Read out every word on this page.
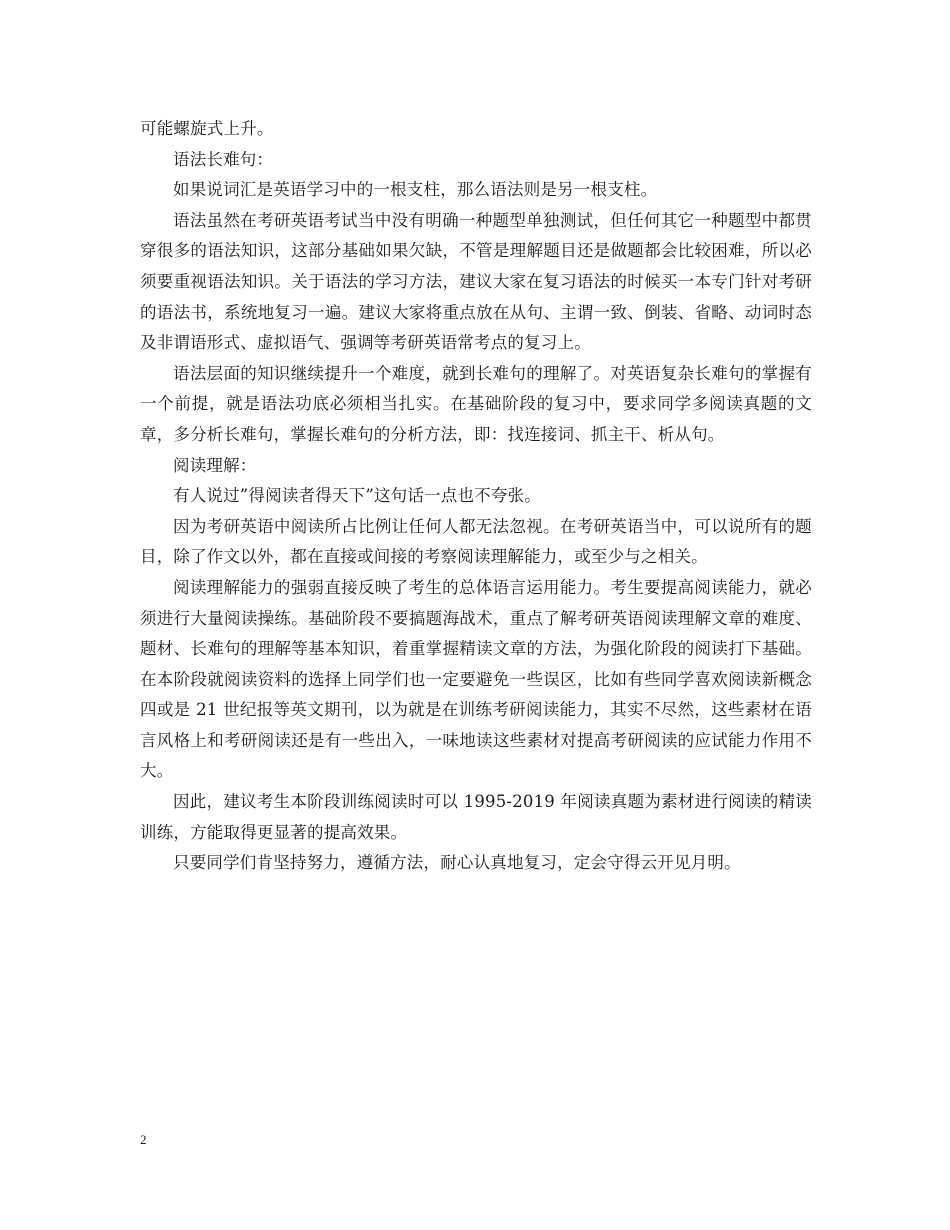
可能螺旋式上升。

语法长难句：

如果说词汇是英语学习中的一根支柱，那么语法则是另一根支柱。

语法虽然在考研英语考试当中没有明确一种题型单独测试，但任何其它一种题型中都贯穿很多的语法知识，这部分基础如果欠缺，不管是理解题目还是做题都会比较困难，所以必须要重视语法知识。关于语法的学习方法，建议大家在复习语法的时候买一本专门针对考研的语法书，系统地复习一遍。建议大家将重点放在从句、主谓一致、倒装、省略、动词时态及非谓语形式、虚拟语气、强调等考研英语常考点的复习上。

语法层面的知识继续提升一个难度，就到长难句的理解了。对英语复杂长难句的掌握有一个前提，就是语法功底必须相当扎实。在基础阶段的复习中，要求同学多阅读真题的文章，多分析长难句，掌握长难句的分析方法，即：找连接词、抓主干、析从句。

阅读理解：

有人说过”得阅读者得天下”这句话一点也不夸张。

因为考研英语中阅读所占比例让任何人都无法忽视。在考研英语当中，可以说所有的题目，除了作文以外，都在直接或间接的考察阅读理解能力，或至少与之相关。

阅读理解能力的强弱直接反映了考生的总体语言运用能力。考生要提高阅读能力，就必须进行大量阅读操练。基础阶段不要搞题海战术，重点了解考研英语阅读理解文章的难度、题材、长难句的理解等基本知识，着重掌握精读文章的方法，为强化阶段的阅读打下基础。在本阶段就阅读资料的选择上同学们也一定要避免一些误区，比如有些同学喜欢阅读新概念四或是 21 世纪报等英文期刊，以为就是在训练考研阅读能力，其实不尽然，这些素材在语言风格上和考研阅读还是有一些出入，一味地读这些素材对提高考研阅读的应试能力作用不大。

因此，建议考生本阶段训练阅读时可以 1995-2019 年阅读真题为素材进行阅读的精读训练，方能取得更显著的提高效果。

只要同学们肯坚持努力，遵循方法，耐心认真地复习，定会守得云开见月明。

2
